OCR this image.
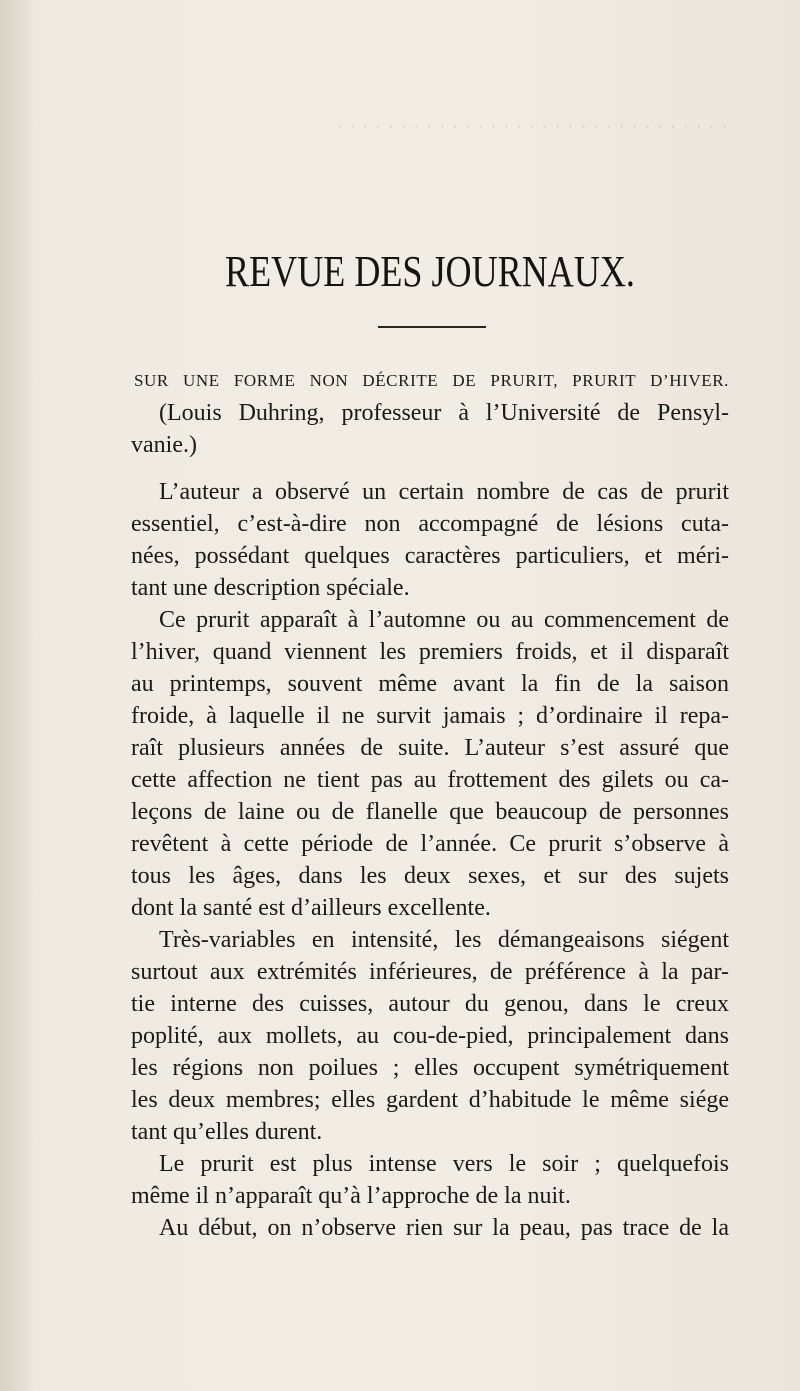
· · · · · · · · · · · · · · · · · · · · · · · · · · · · · · ·
REVUE DES JOURNAUX.
SUR UNE FORME NON DÉCRITE DE PRURIT, PRURIT D’HIVER.
(Louis Duhring, professeur à l’Université de Pensyl-
vanie.)
L’auteur a observé un certain nombre de cas de prurit
essentiel, c’est-à-dire non accompagné de lésions cuta-
nées, possédant quelques caractères particuliers, et méri-
tant une description spéciale.
Ce prurit apparaît à l’automne ou au commencement de
l’hiver, quand viennent les premiers froids, et il disparaît
au printemps, souvent même avant la fin de la saison
froide, à laquelle il ne survit jamais ; d’ordinaire il repa-
raît plusieurs années de suite. L’auteur s’est assuré que
cette affection ne tient pas au frottement des gilets ou ca-
leçons de laine ou de flanelle que beaucoup de personnes
revêtent à cette période de l’année. Ce prurit s’observe à
tous les âges, dans les deux sexes, et sur des sujets
dont la santé est d’ailleurs excellente.
Très-variables en intensité, les démangeaisons siégent
surtout aux extrémités inférieures, de préférence à la par-
tie interne des cuisses, autour du genou, dans le creux
poplité, aux mollets, au cou-de-pied, principalement dans
les régions non poilues ; elles occupent symétriquement
les deux membres; elles gardent d’habitude le même siége
tant qu’elles durent.
Le prurit est plus intense vers le soir ; quelquefois
même il n’apparaît qu’à l’approche de la nuit.
Au début, on n’observe rien sur la peau, pas trace de la
